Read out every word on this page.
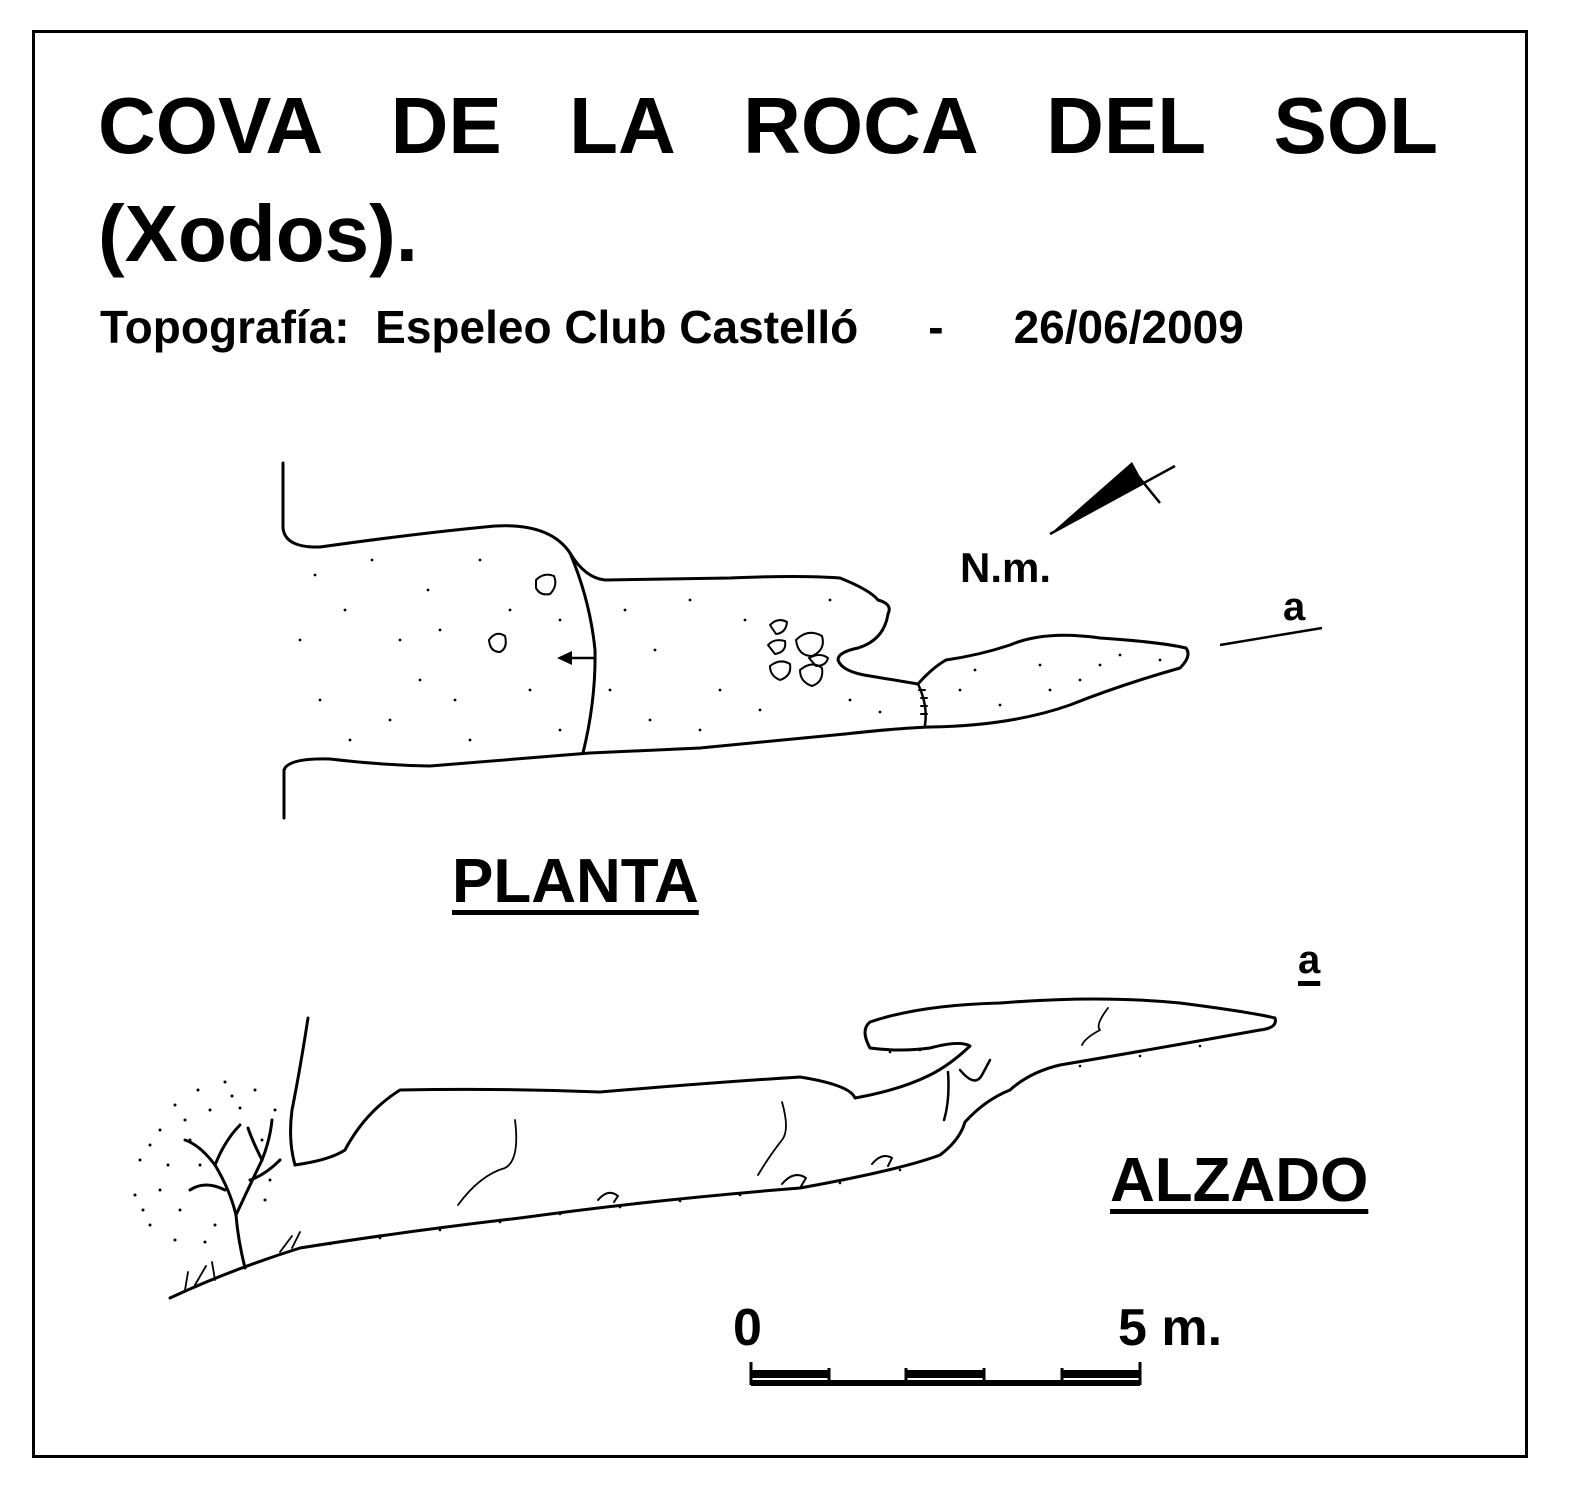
COVA DE LA ROCA DEL SOL
(Xodos).
Topografía: Espeleo Club Castelló - 26/06/2009
N.m.
a
PLANTA
a
ALZADO
0	5 m.
